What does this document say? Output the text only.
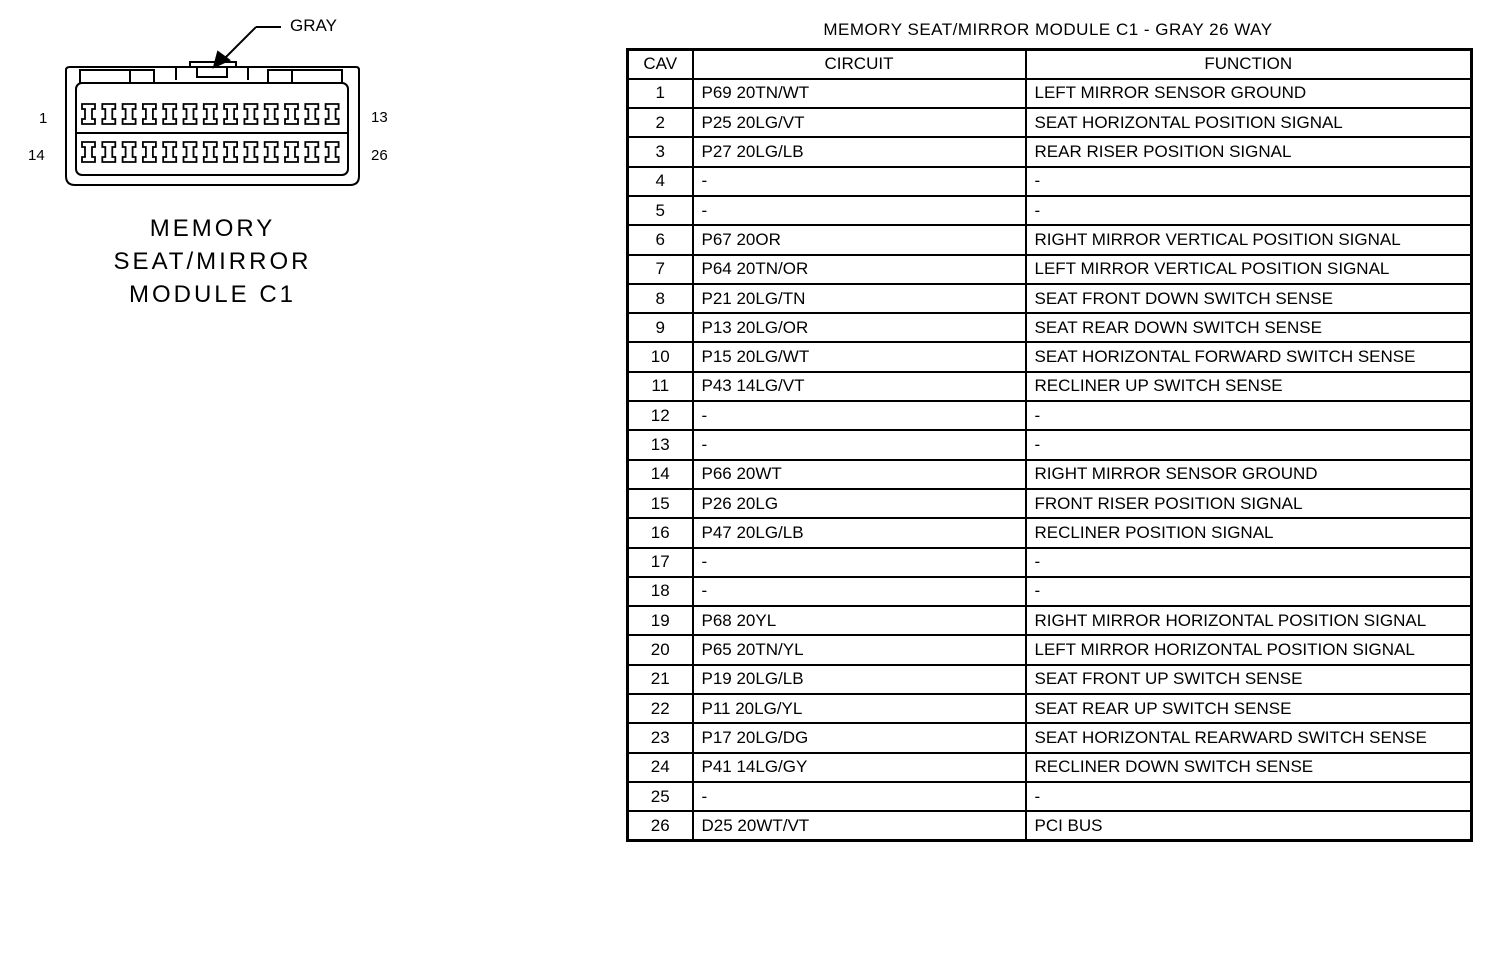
GRAY
1	13
14	26
MEMORY
SEAT/MIRROR
MODULE C1
MEMORY SEAT/MIRROR MODULE C1 - GRAY 26 WAY
CAV	CIRCUIT	FUNCTION
1	P69 20TN/WT	LEFT MIRROR SENSOR GROUND
2	P25 20LG/VT	SEAT HORIZONTAL POSITION SIGNAL
3	P27 20LG/LB	REAR RISER POSITION SIGNAL
4	-	-
5	-	-
6	P67 20OR	RIGHT MIRROR VERTICAL POSITION SIGNAL
7	P64 20TN/OR	LEFT MIRROR VERTICAL POSITION SIGNAL
8	P21 20LG/TN	SEAT FRONT DOWN SWITCH SENSE
9	P13 20LG/OR	SEAT REAR DOWN SWITCH SENSE
10	P15 20LG/WT	SEAT HORIZONTAL FORWARD SWITCH SENSE
11	P43 14LG/VT	RECLINER UP SWITCH SENSE
12	-	-
13	-	-
14	P66 20WT	RIGHT MIRROR SENSOR GROUND
15	P26 20LG	FRONT RISER POSITION SIGNAL
16	P47 20LG/LB	RECLINER POSITION SIGNAL
17	-	-
18	-	-
19	P68 20YL	RIGHT MIRROR HORIZONTAL POSITION SIGNAL
20	P65 20TN/YL	LEFT MIRROR HORIZONTAL POSITION SIGNAL
21	P19 20LG/LB	SEAT FRONT UP SWITCH SENSE
22	P11 20LG/YL	SEAT REAR UP SWITCH SENSE
23	P17 20LG/DG	SEAT HORIZONTAL REARWARD SWITCH SENSE
24	P41 14LG/GY	RECLINER DOWN SWITCH SENSE
25	-	-
26	D25 20WT/VT	PCI BUS
